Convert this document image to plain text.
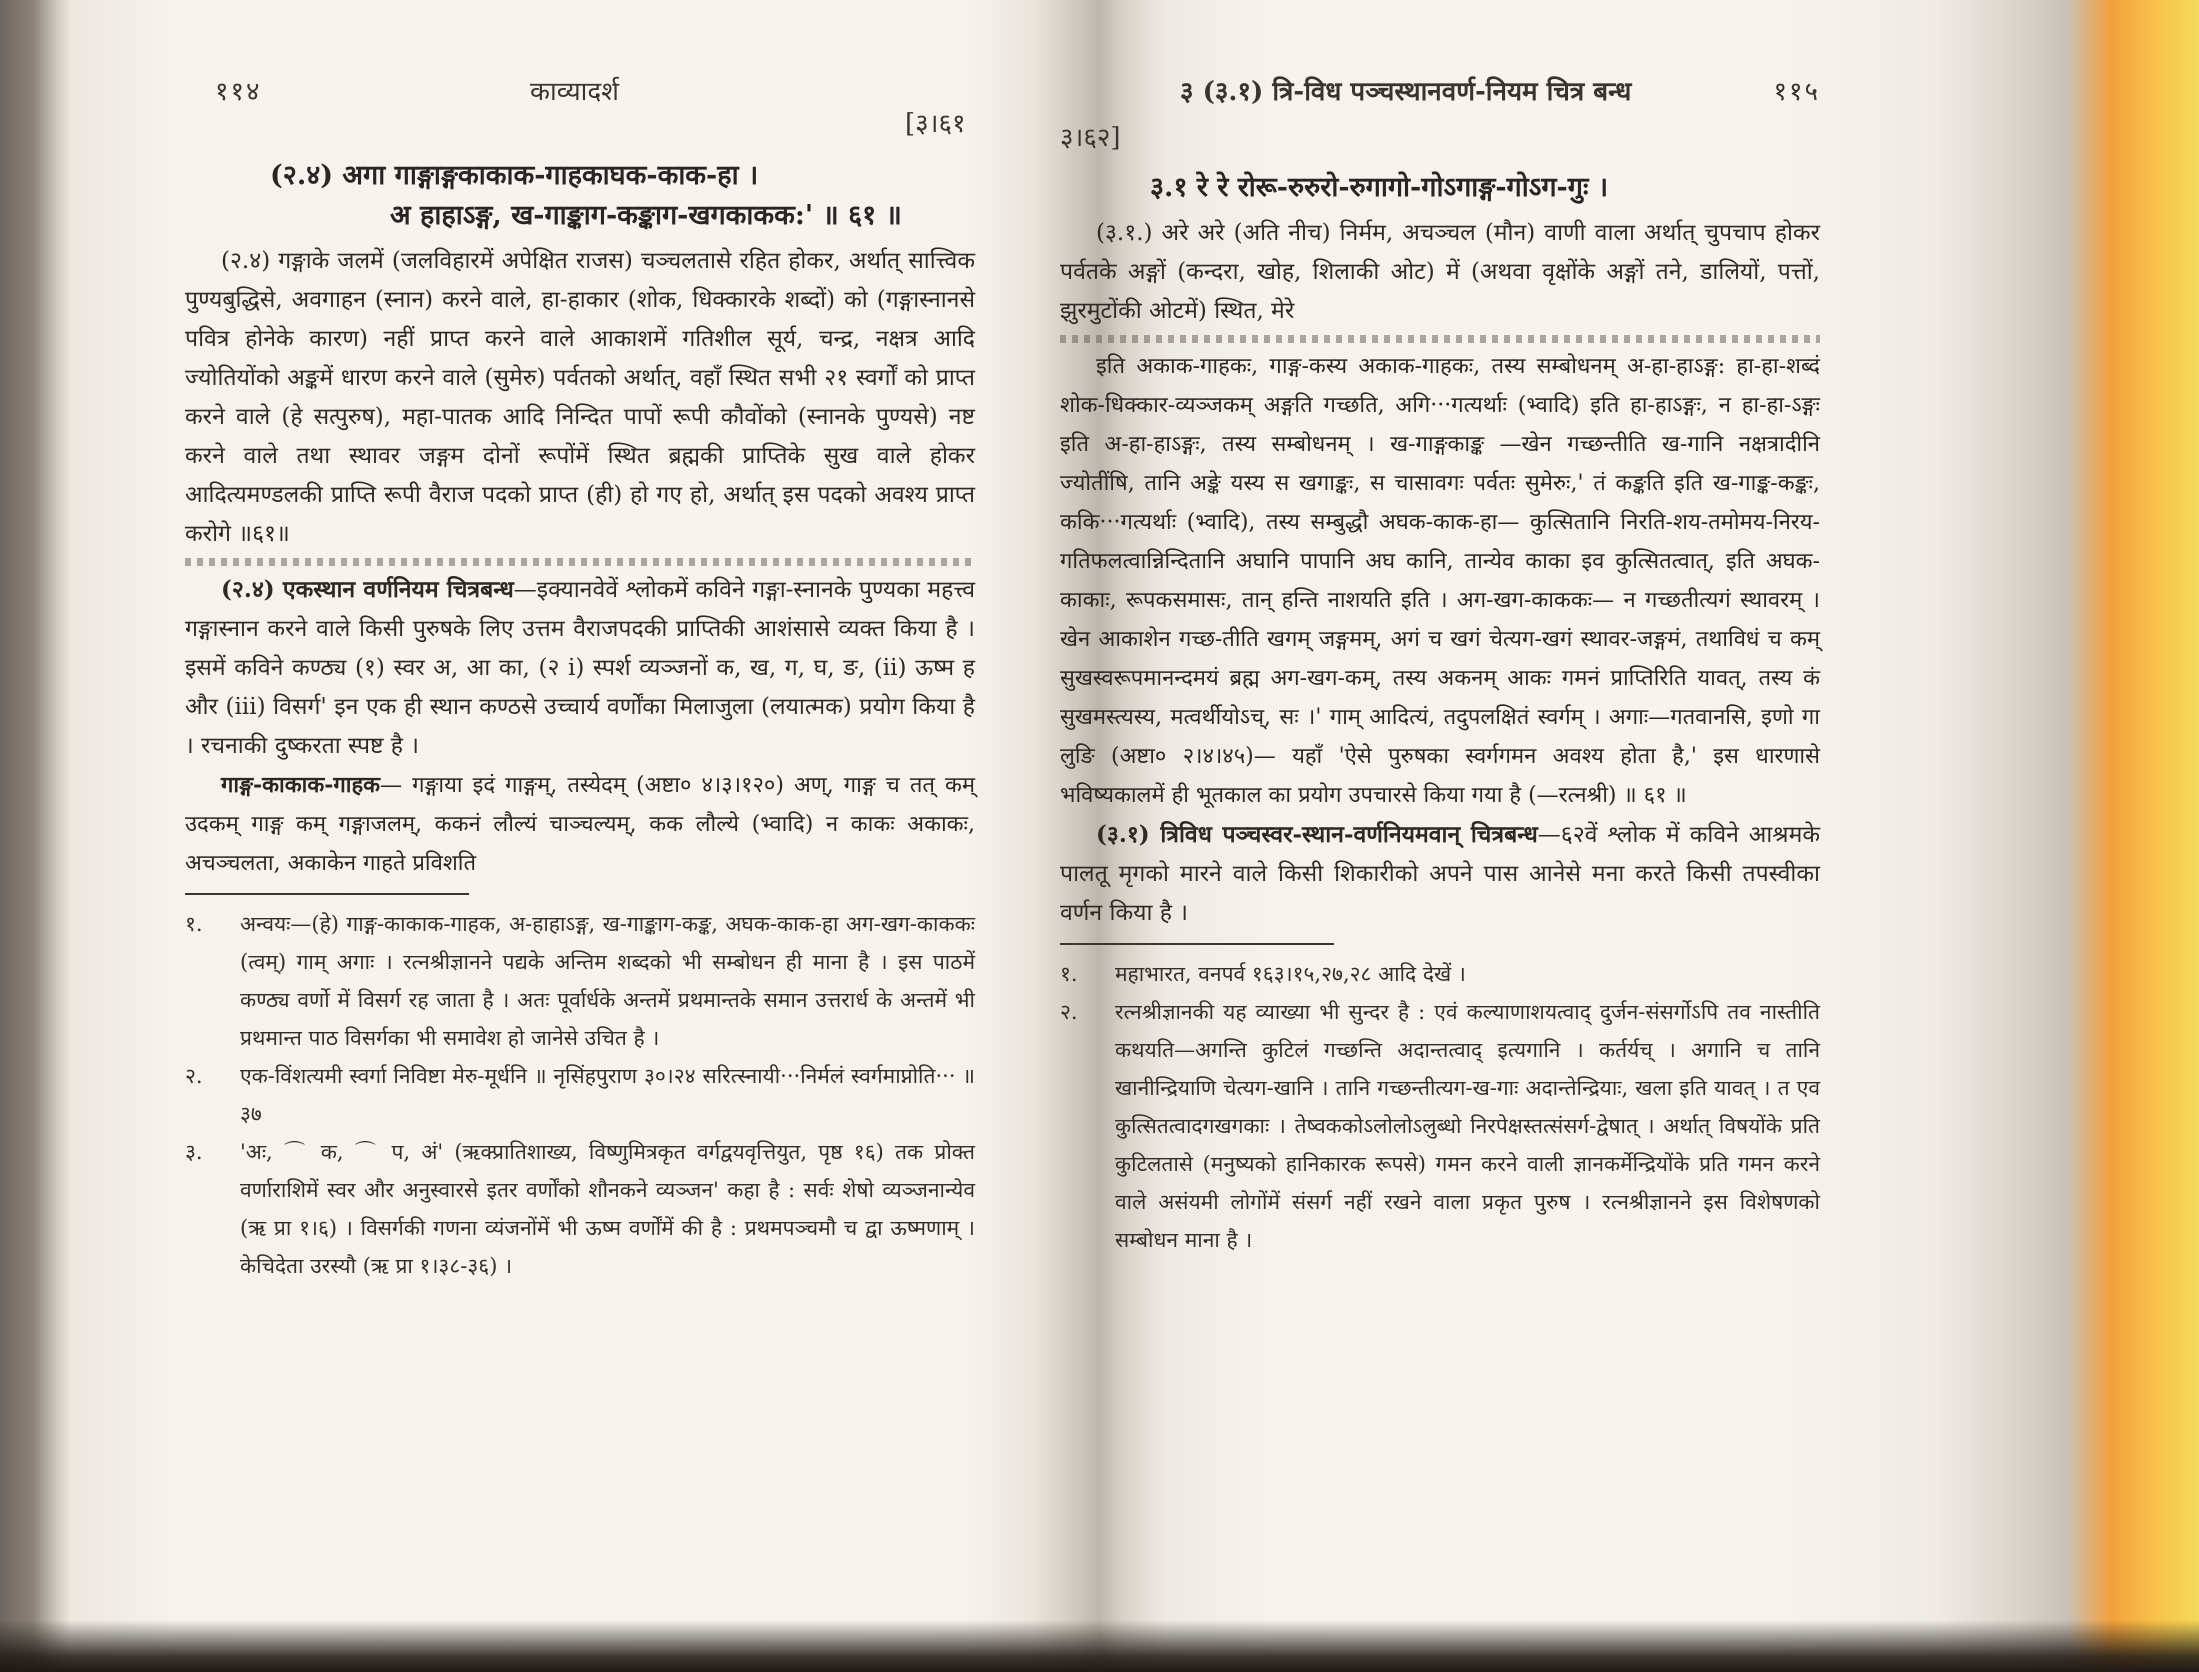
११४	काव्यादर्श
[३।६१
(२.४) अगा गाङ्गाङ्गकाकाक-गाहकाघक-काक-हा ।
अ हाहाऽङ्ग, ख-गाङ्काग-कङ्काग-खगकाकक:' ॥ ६१ ॥

(२.४) गङ्गाके जलमें (जलविहारमें अपेक्षित राजस) चञ्चलतासे रहित होकर, अर्थात् सात्त्विक पुण्यबुद्धिसे, अवगाहन (स्नान) करने वाले, हा-हाकार (शोक, धिक्कारके शब्दों) को (गङ्गास्नानसे पवित्र होनेके कारण) नहीं प्राप्त करने वाले आकाशमें गतिशील सूर्य, चन्द्र, नक्षत्र आदि ज्योतियोंको अङ्कमें धारण करने वाले (सुमेरु) पर्वतको अर्थात्, वहाँ स्थित सभी २१ स्वर्गों को प्राप्त करने वाले (हे सत्पुरुष), महा-पातक आदि निन्दित पापों रूपी कौवोंको (स्नानके पुण्यसे) नष्ट करने वाले तथा स्थावर जङ्गम दोनों रूपोंमें स्थित ब्रह्मकी प्राप्तिके सुख वाले होकर आदित्यमण्डलकी प्राप्ति रूपी वैराज पदको प्राप्त (ही) हो गए हो, अर्थात् इस पदको अवश्य प्राप्त करोगे ॥६१॥

(२.४) एकस्थान वर्णनियम चित्रबन्ध—इक्यानवेवें श्लोकमें कविने गङ्गा-स्नानके पुण्यका महत्त्व गङ्गास्नान करने वाले किसी पुरुषके लिए उत्तम वैराजपदकी प्राप्तिकी आशंसासे व्यक्त किया है । इसमें कविने कण्ठ्य (१) स्वर अ, आ का, (२ i) स्पर्श व्यञ्जनों क, ख, ग, घ, ङ, (ii) ऊष्म ह और (iii) विसर्ग' इन एक ही स्थान कण्ठसे उच्चार्य वर्णोंका मिलाजुला (लयात्मक) प्रयोग किया है । रचनाकी दुष्करता स्पष्ट है ।

गाङ्ग-काकाक-गाहक— गङ्गाया इदं गाङ्गम्, तस्येदम् (अष्टा० ४।३।१२०) अण्, गाङ्ग च तत् कम् उदकम् गाङ्ग कम् गङ्गाजलम्, ककनं लौल्यं चाञ्चल्यम्, कक लौल्ये (भ्वादि) न काकः अकाकः, अचञ्चलता, अकाकेन गाहते प्रविशति

१. अन्वयः—(हे) गाङ्ग-काकाक-गाहक, अ-हाहाऽङ्ग, ख-गाङ्काग-कङ्क, अघक-काक-हा अग-खग-काककः (त्वम्) गाम् अगाः । रत्नश्रीज्ञानने पद्यके अन्तिम शब्दको भी सम्बोधन ही माना है । इस पाठमें कण्ठ्य वर्णो में विसर्ग रह जाता है । अतः पूर्वार्धके अन्तमें प्रथमान्तके समान उत्तरार्ध के अन्तमें भी प्रथमान्त पाठ विसर्गका भी समावेश हो जानेसे उचित है ।

२. एक-विंशत्यमी स्वर्गा निविष्टा मेरु-मूर्धनि ॥ नृसिंहपुराण ३०।२४ सरित्स्नायी···निर्मलं स्वर्गमाप्नोति··· ॥ ३७

३. 'अः, ⌒ क, ⌒ प, अं' (ऋक्प्रातिशाख्य, विष्णुमित्रकृत वर्गद्वयवृत्तियुत, पृष्ठ १६) तक प्रोक्त वर्णाराशिमें स्वर और अनुस्वारसे इतर वर्णोंको शौनकने व्यञ्जन' कहा है : सर्वः शेषो व्यञ्जनान्येव (ऋ प्रा १।६) । विसर्गकी गणना व्यंजनोंमें भी ऊष्म वर्णोंमें की है : प्रथमपञ्चमौ च द्वा ऊष्मणाम् । केचिदेता उरस्यौ (ऋ प्रा १।३८-३६) ।

३।६२]
३ (३.१) त्रि-विध पञ्चस्थानवर्ण-नियम चित्र बन्ध	११५
३.१ रे रे रोरू-रुरुरो-रुगागो-गोऽगाङ्ग-गोऽग-गुः ।

(३.१.) अरे अरे (अति नीच) निर्मम, अचञ्चल (मौन) वाणी वाला अर्थात् चुपचाप होकर पर्वतके अङ्गों (कन्दरा, खोह, शिलाकी ओट) में (अथवा वृक्षोंके अङ्गों तने, डालियों, पत्तों, झुरमुटोंकी ओटमें) स्थित, मेरे

इति अकाक-गाहकः, गाङ्ग-कस्य अकाक-गाहकः, तस्य सम्बोधनम् अ-हा-हाऽङ्ग: हा-हा-शब्दं शोक-धिक्कार-व्यञ्जकम् अङ्गति गच्छति, अगि···गत्यर्थाः (भ्वादि) इति हा-हाऽङ्गः, न हा-हा-ऽङ्गः इति अ-हा-हाऽङ्गः, तस्य सम्बोधनम् । ख-गाङ्गकाङ्क —खेन गच्छन्तीति ख-गानि नक्षत्रादीनि ज्योतींषि, तानि अङ्के यस्य स खगाङ्कः, स चासावगः पर्वतः सुमेरुः,' तं कङ्कति इति ख-गाङ्क-कङ्कः, ककि···गत्यर्थाः (भ्वादि), तस्य सम्बुद्धौ अघक-काक-हा— कुत्सितानि निरति-शय-तमोमय-निरय-गतिफलत्वान्निन्दितानि अघानि पापानि अघ कानि, तान्येव काका इव कुत्सितत्वात्, इति अघक-काकाः, रूपकसमासः, तान् हन्ति नाशयति इति । अग-खग-काककः— न गच्छतीत्यगं स्थावरम् । खेन आकाशेन गच्छ-तीति खगम् जङ्गमम्, अगं च खगं चेत्यग-खगं स्थावर-जङ्गमं, तथाविधं च कम् सुखस्वरूपमानन्दमयं ब्रह्म अग-खग-कम्, तस्य अकनम् आकः गमनं प्राप्तिरिति यावत्, तस्य कं सुखमस्त्यस्य, मत्वर्थीयोऽच्, सः ।' गाम् आदित्यं, तदुपलक्षितं स्वर्गम् । अगाः—गतवानसि, इणो गा लुङि (अष्टा० २।४।४५)— यहाँ 'ऐसे पुरुषका स्वर्गगमन अवश्य होता है,' इस धारणासे भविष्यकालमें ही भूतकाल का प्रयोग उपचारसे किया गया है (—रत्नश्री) ॥ ६१ ॥

(३.१) त्रिविध पञ्चस्वर-स्थान-वर्णनियमवान् चित्रबन्ध—६२वें श्लोक में कविने आश्रमके पालतू मृगको मारने वाले किसी शिकारीको अपने पास आनेसे मना करते किसी तपस्वीका वर्णन किया है ।

१. महाभारत, वनपर्व १६३।१५,२७,२८ आदि देखें ।

२. रत्नश्रीज्ञानकी यह व्याख्या भी सुन्दर है : एवं कल्याणाशयत्वाद् दुर्जन-संसर्गोऽपि तव नास्तीति कथयति—अगन्ति कुटिलं गच्छन्ति अदान्तत्वाद् इत्यगानि । कर्तर्यच् । अगानि च तानि खानीन्द्रियाणि चेत्यग-खानि । तानि गच्छन्तीत्यग-ख-गाः अदान्तेन्द्रियाः, खला इति यावत् । त एव कुत्सितत्वादगखगकाः । तेष्वककोऽलोलोऽलुब्धो निरपेक्षस्तत्संसर्ग-द्वेषात् । अर्थात् विषयोंके प्रति कुटिलतासे (मनुष्यको हानिकारक रूपसे) गमन करने वाली ज्ञानकर्मेन्द्रियोंके प्रति गमन करने वाले असंयमी लोगोंमें संसर्ग नहीं रखने वाला प्रकृत पुरुष । रत्नश्रीज्ञानने इस विशेषणको सम्बोधन माना है ।
